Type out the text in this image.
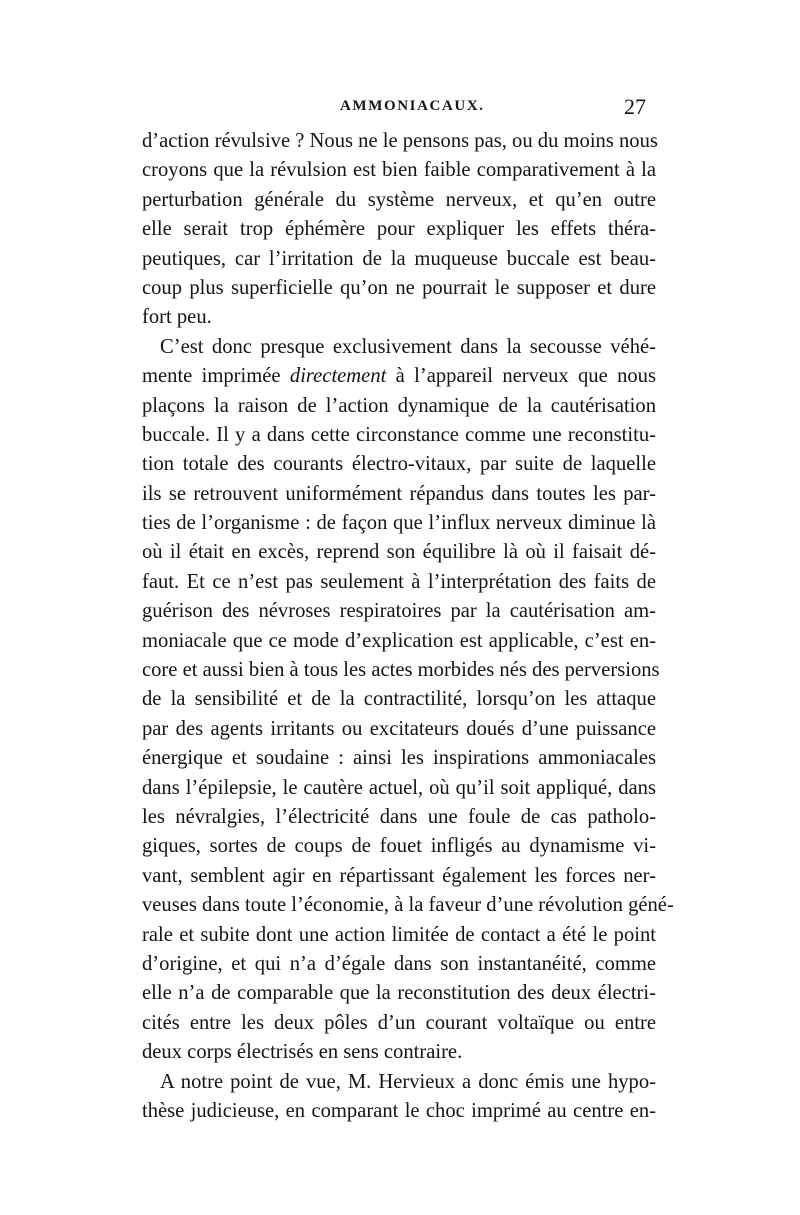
AMMONIACAUX.	27
d’action révulsive ? Nous ne le pensons pas, ou du moins nous
croyons que la révulsion est bien faible comparativement à la
perturbation générale du système nerveux, et qu’en outre
elle serait trop éphémère pour expliquer les effets théra-
peutiques, car l’irritation de la muqueuse buccale est beau-
coup plus superficielle qu’on ne pourrait le supposer et dure
fort peu.
C’est donc presque exclusivement dans la secousse véhé-
mente imprimée directement à l’appareil nerveux que nous
plaçons la raison de l’action dynamique de la cautérisation
buccale. Il y a dans cette circonstance comme une reconstitu-
tion totale des courants électro-vitaux, par suite de laquelle
ils se retrouvent uniformément répandus dans toutes les par-
ties de l’organisme : de façon que l’influx nerveux diminue là
où il était en excès, reprend son équilibre là où il faisait dé-
faut. Et ce n’est pas seulement à l’interprétation des faits de
guérison des névroses respiratoires par la cautérisation am-
moniacale que ce mode d’explication est applicable, c’est en-
core et aussi bien à tous les actes morbides nés des perversions
de la sensibilité et de la contractilité, lorsqu’on les attaque
par des agents irritants ou excitateurs doués d’une puissance
énergique et soudaine : ainsi les inspirations ammoniacales
dans l’épilepsie, le cautère actuel, où qu’il soit appliqué, dans
les névralgies, l’électricité dans une foule de cas patholo-
giques, sortes de coups de fouet infligés au dynamisme vi-
vant, semblent agir en répartissant également les forces ner-
veuses dans toute l’économie, à la faveur d’une révolution géné-
rale et subite dont une action limitée de contact a été le point
d’origine, et qui n’a d’égale dans son instantanéité, comme
elle n’a de comparable que la reconstitution des deux électri-
cités entre les deux pôles d’un courant voltaïque ou entre
deux corps électrisés en sens contraire.
A notre point de vue, M. Hervieux a donc émis une hypo-
thèse judicieuse, en comparant le choc imprimé au centre en-
